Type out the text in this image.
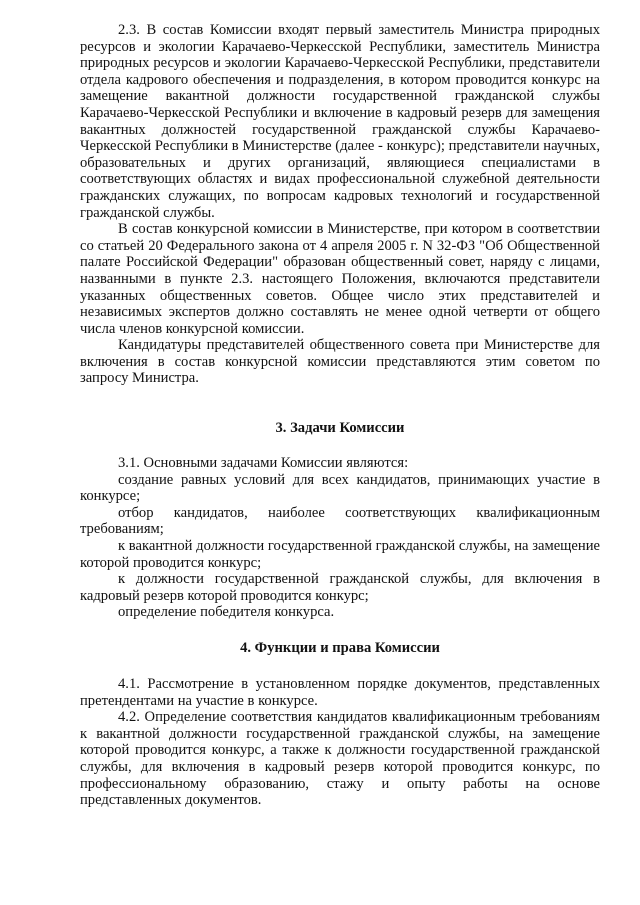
2.3. В состав Комиссии входят первый заместитель Министра природных ресурсов и экологии Карачаево-Черкесской Республики, заместитель Министра природных ресурсов и экологии Карачаево-Черкесской Республики, представители отдела кадрового обеспечения и подразделения, в котором проводится конкурс на замещение вакантной должности государственной гражданской службы Карачаево-Черкесской Республики и включение в кадровый резерв для замещения вакантных должностей государственной гражданской службы Карачаево-Черкесской Республики в Министерстве (далее - конкурс); представители научных, образовательных и других организаций, являющиеся специалистами в соответствующих областях и видах профессиональной служебной деятельности гражданских служащих, по вопросам кадровых технологий и государственной гражданской службы.

В состав конкурсной комиссии в Министерстве, при котором в соответствии со статьей 20 Федерального закона от 4 апреля 2005 г. N 32-ФЗ "Об Общественной палате Российской Федерации" образован общественный совет, наряду с лицами, названными в пункте 2.3. настоящего Положения, включаются представители указанных общественных советов. Общее число этих представителей и независимых экспертов должно составлять не менее одной четверти от общего числа членов конкурсной комиссии.

Кандидатуры представителей общественного совета при Министерстве для включения в состав конкурсной комиссии представляются этим советом по запросу Министра.

3. Задачи Комиссии

3.1. Основными задачами Комиссии являются:

создание равных условий для всех кандидатов, принимающих участие в конкурсе;

отбор кандидатов, наиболее соответствующих квалификационным требованиям;

к вакантной должности государственной гражданской службы, на замещение которой проводится конкурс;

к должности государственной гражданской службы, для включения в кадровый резерв которой проводится конкурс;

определение победителя конкурса.

4. Функции и права Комиссии

4.1. Рассмотрение в установленном порядке документов, представленных претендентами на участие в конкурсе.

4.2. Определение соответствия кандидатов квалификационным требованиям к вакантной должности государственной гражданской службы, на замещение которой проводится конкурс, а также к должности государственной гражданской службы, для включения в кадровый резерв которой проводится конкурс, по профессиональному образованию, стажу и опыту работы на основе представленных документов.
